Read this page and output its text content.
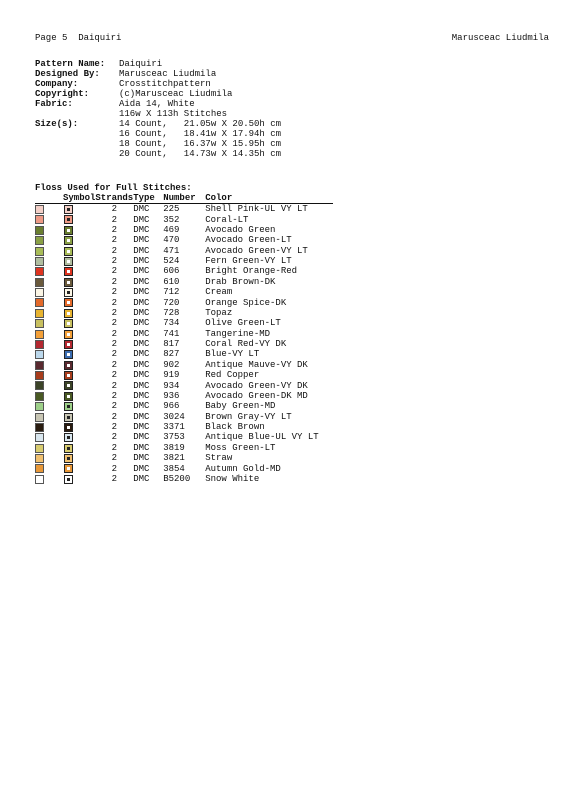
Page 5  Daiquiri	Marusceac Liudmila
Pattern Name: Daiquiri
Designed By: Marusceac Liudmila
Company:	Crosstitchpattern
Copyright:	(c)Marusceac Liudmila
Fabric:	Aida 14, White
116w X 113h Stitches
Size(s):	14 Count,   21.05w X 20.50h cm
16 Count,   18.41w X 17.94h cm
18 Count,   16.37w X 15.95h cm
20 Count,   14.73w X 14.35h cm
Floss Used for Full Stitches:
	Symbol	Strands	Type	Number	Color

	2	DMC	225	Shell Pink-UL VY LT

	2	DMC	352	Coral-LT

	2	DMC	469	Avocado Green

	2	DMC	470	Avocado Green-LT

	2	DMC	471	Avocado Green-VY LT

	2	DMC	524	Fern Green-VY LT

	2	DMC	606	Bright Orange-Red

	2	DMC	610	Drab Brown-DK

	2	DMC	712	Cream

	2	DMC	720	Orange Spice-DK

	2	DMC	728	Topaz

	2	DMC	734	Olive Green-LT

	2	DMC	741	Tangerine-MD

	2	DMC	817	Coral Red-VY DK

	2	DMC	827	Blue-VY LT

	2	DMC	902	Antique Mauve-VY DK

	2	DMC	919	Red Copper

	2	DMC	934	Avocado Green-VY DK

	2	DMC	936	Avocado Green-DK MD

	2	DMC	966	Baby Green-MD

	2	DMC	3024	Brown Gray-VY LT

	2	DMC	3371	Black Brown

	2	DMC	3753	Antique Blue-UL VY LT

	2	DMC	3819	Moss Green-LT

	2	DMC	3821	Straw

	2	DMC	3854	Autumn Gold-MD

	2	DMC	B5200	Snow White
